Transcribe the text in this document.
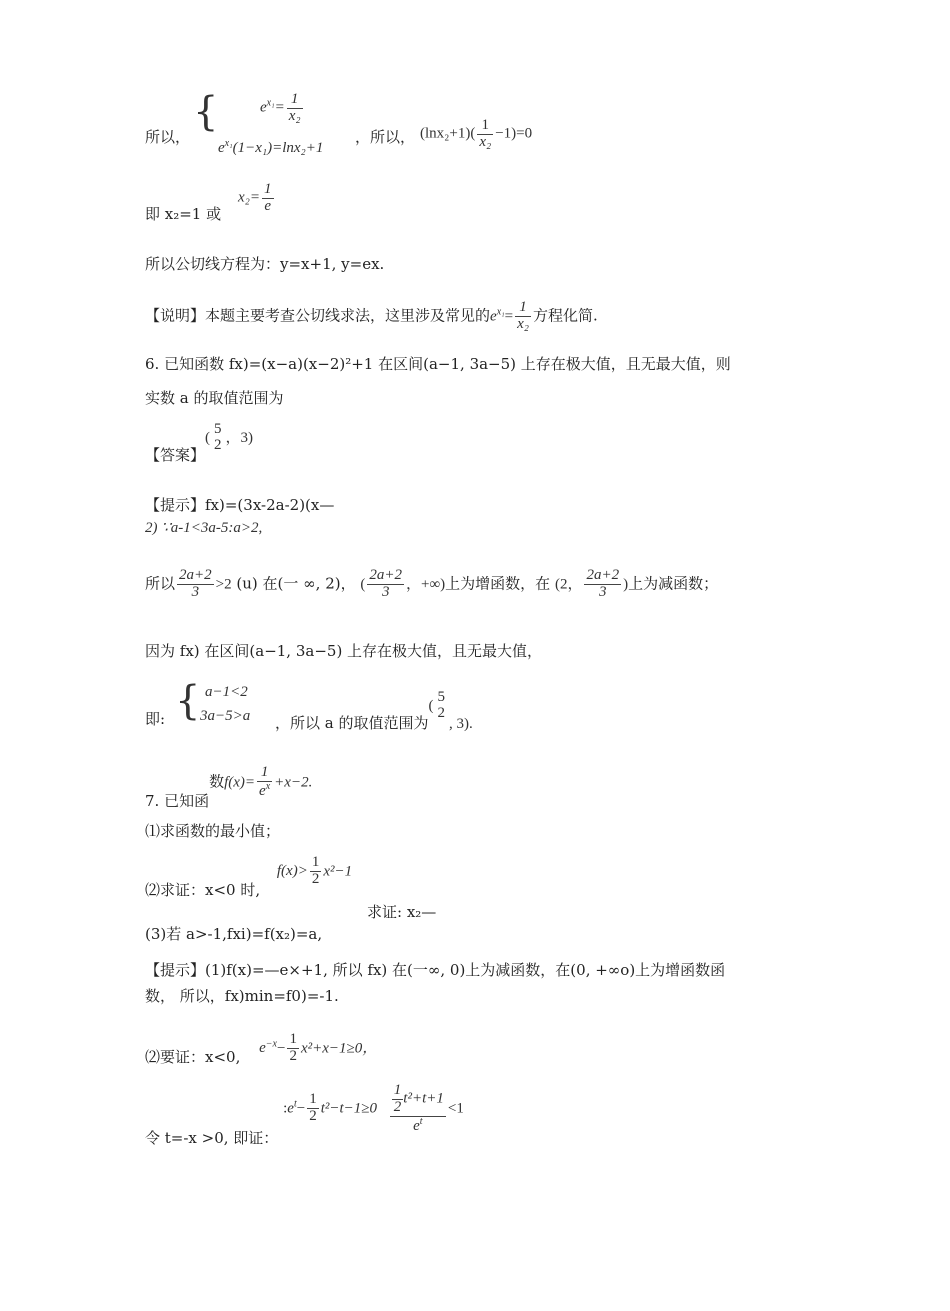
所以，
{	$e^{x_1}= \frac{1}{\text{x₂}}$
$e^{x_1}(1-x_1)=\ln x_2+1$
，所以， $(\ln x_2+1)( \frac{1}{\text{x₂}} -1)=0$
即 x₂=1 或
$x_2= \frac{1}{e}$
所以公切线方程为：y=x+1, y=ex.
【说明】本题主要考查公切线求法，这里涉及常见的$e^{x_1}= \frac{1}{\text{x₂}}$ 方程化简.
6. 已知函数 fx)=(x−a)(x−2)²+1 在区间(a−1, 3a−5) 上存在极大值，且无最大值，则
实数 a 的取值范围为
【答案】(
5
2 ，3)
【提示】fx)=(3x-2a-2)(x—
2) ∵a-1<3a-5:a>2,
所以 $\frac{2a+2}{3} >2$ (u) 在(一 ∞, 2)， ( $\frac{2a+2}{3}$ ，+∞)上为增函数，在 (2， $\frac{2a+2}{3}$ )上为减函数；
因为 fx) 在区间(a−1, 3a−5) 上存在极大值，且无最大值，
即: { a−1<2
3a−5>a ，所以 a 的取值范围为(
5
2
, 3).
7. 已知函数$f(x)= \frac{1}{e^x} +x-2$.
⑴求函数的最小值；
⑵求证：x<0 时, $f(x)> \frac{1}{2} x^2-1$
求证: x₂—
(3)若 a>-1,fxi)=f(x₂)=a,
【提示】(1)f(x)=—e×+1, 所以 fx) 在(一∞, 0)上为减函数，在(0, +∞o)上为增函数函
数， 所以，fx)min=f0)=-1.
⑵要证：x<0, $e^{-x}- \frac{1}{2} x^2+x-1\ge 0$，
令 t=-x >0, 即证： $:e^t- \frac{1}{2} t^2-t-1\ge 0 \frac{\frac{1}{2} t^2+t+1}{e^t} <1$
